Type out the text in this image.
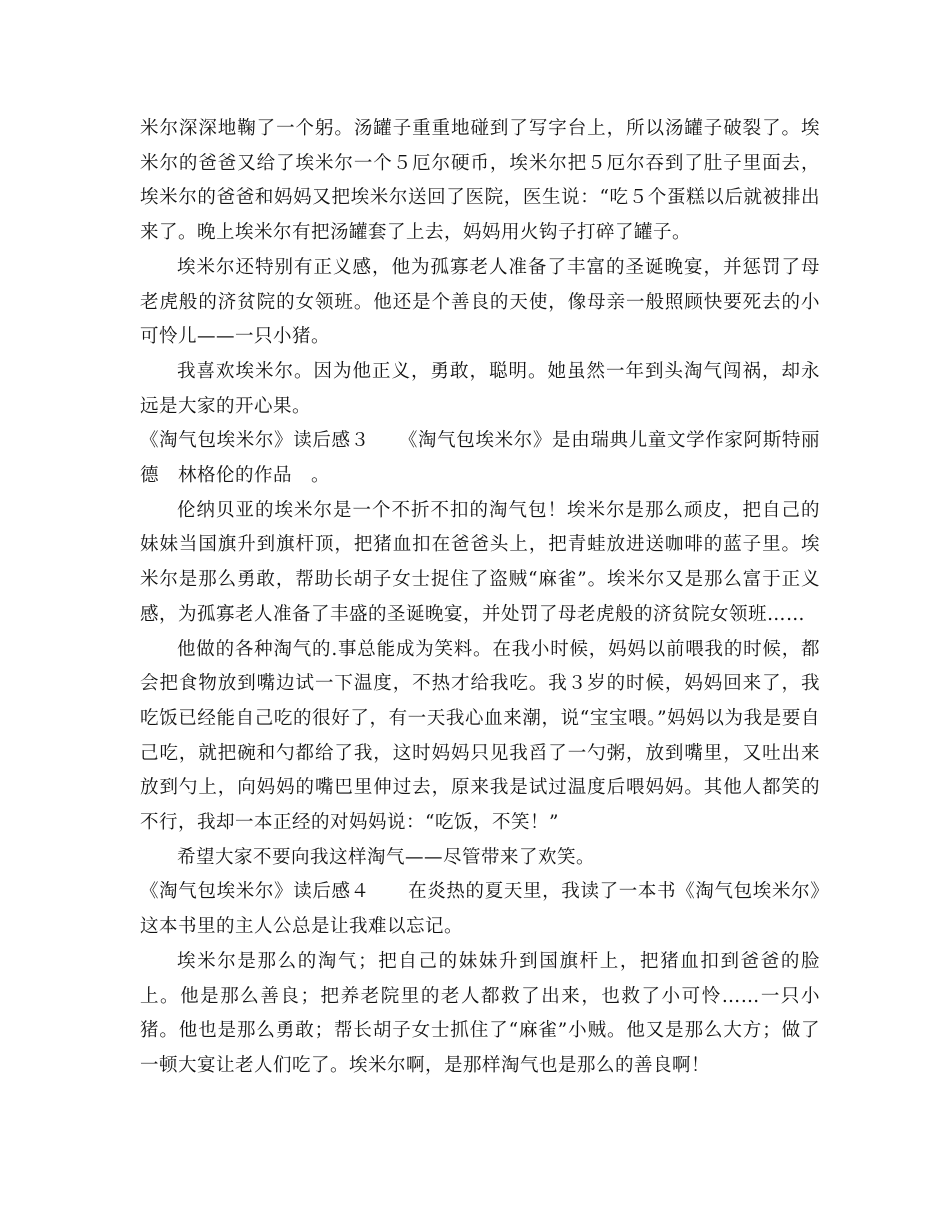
米尔深深地鞠了一个躬。汤罐子重重地碰到了写字台上，所以汤罐子破裂了。埃米尔的爸爸又给了埃米尔一个５厄尔硬币，埃米尔把５厄尔吞到了肚子里面去，埃米尔的爸爸和妈妈又把埃米尔送回了医院，医生说：“吃５个蛋糕以后就被排出来了。晚上埃米尔有把汤罐套了上去，妈妈用火钩子打碎了罐子。

埃米尔还特别有正义感，他为孤寡老人准备了丰富的圣诞晚宴，并惩罚了母老虎般的济贫院的女领班。他还是个善良的天使，像母亲一般照顾快要死去的小可怜儿——一只小猪。

我喜欢埃米尔。因为他正义，勇敢，聪明。她虽然一年到头淘气闯祸，却永远是大家的开心果。

《淘气包埃米尔》读后感３　　《淘气包埃米尔》是由瑞典儿童文学作家阿斯特丽德　林格伦的作品　。

伦纳贝亚的埃米尔是一个不折不扣的淘气包！埃米尔是那么顽皮，把自己的妹妹当国旗升到旗杆顶，把猪血扣在爸爸头上，把青蛙放进送咖啡的蓝子里。埃米尔是那么勇敢，帮助长胡子女士捉住了盗贼“麻雀”。埃米尔又是那么富于正义感，为孤寡老人准备了丰盛的圣诞晚宴，并处罚了母老虎般的济贫院女领班……

他做的各种淘气的.事总能成为笑料。在我小时候，妈妈以前喂我的时候，都会把食物放到嘴边试一下温度，不热才给我吃。我３岁的时候，妈妈回来了，我吃饭已经能自己吃的很好了，有一天我心血来潮，说“宝宝喂。”妈妈以为我是要自己吃，就把碗和勺都给了我，这时妈妈只见我舀了一勺粥，放到嘴里，又吐出来放到勺上，向妈妈的嘴巴里伸过去，原来我是试过温度后喂妈妈。其他人都笑的不行，我却一本正经的对妈妈说：“吃饭，不笑！”

希望大家不要向我这样淘气——尽管带来了欢笑。

《淘气包埃米尔》读后感４　　在炎热的夏天里，我读了一本书《淘气包埃米尔》这本书里的主人公总是让我难以忘记。

埃米尔是那么的淘气；把自己的妹妹升到国旗杆上，把猪血扣到爸爸的脸上。他是那么善良；把养老院里的老人都救了出来，也救了小可怜……一只小猪。他也是那么勇敢；帮长胡子女士抓住了“麻雀”小贼。他又是那么大方；做了一顿大宴让老人们吃了。埃米尔啊，是那样淘气也是那么的善良啊！
